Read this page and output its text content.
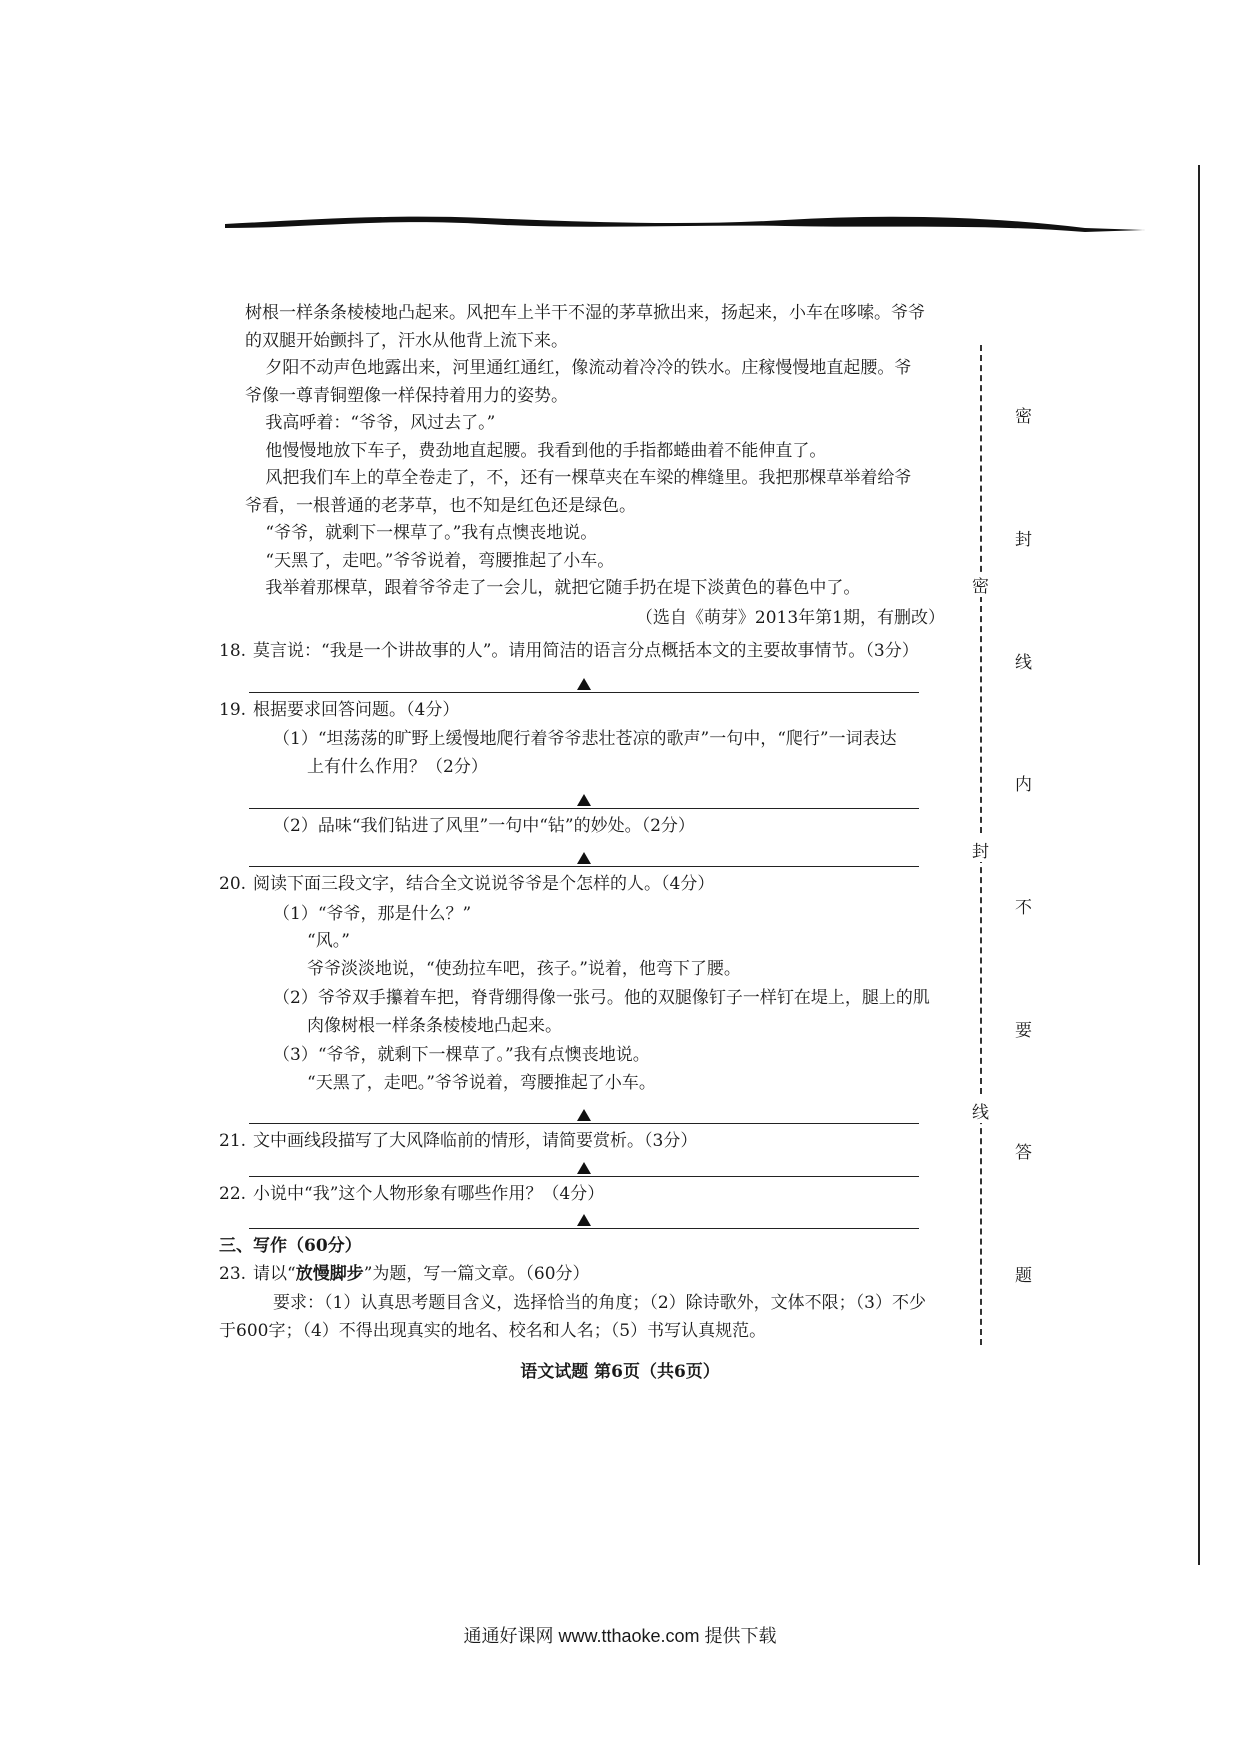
树根一样条条棱棱地凸起来。风把车上半干不湿的茅草掀出来，扬起来，小车在哆嗦。爷爷

的双腿开始颤抖了，汗水从他背上流下来。

夕阳不动声色地露出来，河里通红通红，像流动着冷冷的铁水。庄稼慢慢地直起腰。爷

爷像一尊青铜塑像一样保持着用力的姿势。

我高呼着：“爷爷，风过去了。”

他慢慢地放下车子，费劲地直起腰。我看到他的手指都蜷曲着不能伸直了。

风把我们车上的草全卷走了，不，还有一棵草夹在车梁的榫缝里。我把那棵草举着给爷

爷看，一根普通的老茅草，也不知是红色还是绿色。

“爷爷，就剩下一棵草了。”我有点懊丧地说。

“天黑了，走吧。”爷爷说着，弯腰推起了小车。

我举着那棵草，跟着爷爷走了一会儿，就把它随手扔在堤下淡黄色的暮色中了。

（选自《萌芽》2013年第1期，有删改）

18. 莫言说：“我是一个讲故事的人”。请用简洁的语言分点概括本文的主要故事情节。（3分）

19. 根据要求回答问题。（4分）

（1）“坦荡荡的旷野上缓慢地爬行着爷爷悲壮苍凉的歌声”一句中，“爬行”一词表达

上有什么作用？（2分）

（2）品味“我们钻进了风里”一句中“钻”的妙处。（2分）

20. 阅读下面三段文字，结合全文说说爷爷是个怎样的人。（4分）

（1）“爷爷，那是什么？”

“风。”

爷爷淡淡地说，“使劲拉车吧，孩子。”说着，他弯下了腰。

（2）爷爷双手攥着车把，脊背绷得像一张弓。他的双腿像钉子一样钉在堤上，腿上的肌

肉像树根一样条条棱棱地凸起来。

（3）“爷爷，就剩下一棵草了。”我有点懊丧地说。

“天黑了，走吧。”爷爷说着，弯腰推起了小车。

21. 文中画线段描写了大风降临前的情形，请简要赏析。（3分）

22. 小说中“我”这个人物形象有哪些作用？（4分）

三、写作（60分）

23. 请以“放慢脚步”为题，写一篇文章。（60分）

要求：（1）认真思考题目含义，选择恰当的角度；（2）除诗歌外，文体不限；（3）不少

于600字；（4）不得出现真实的地名、校名和人名；（5）书写认真规范。

密
封
线
密
封
线
内
不
要
答
题
语文试题 第6页（共6页）
通通好课网 www.tthaoke.com 提供下载
